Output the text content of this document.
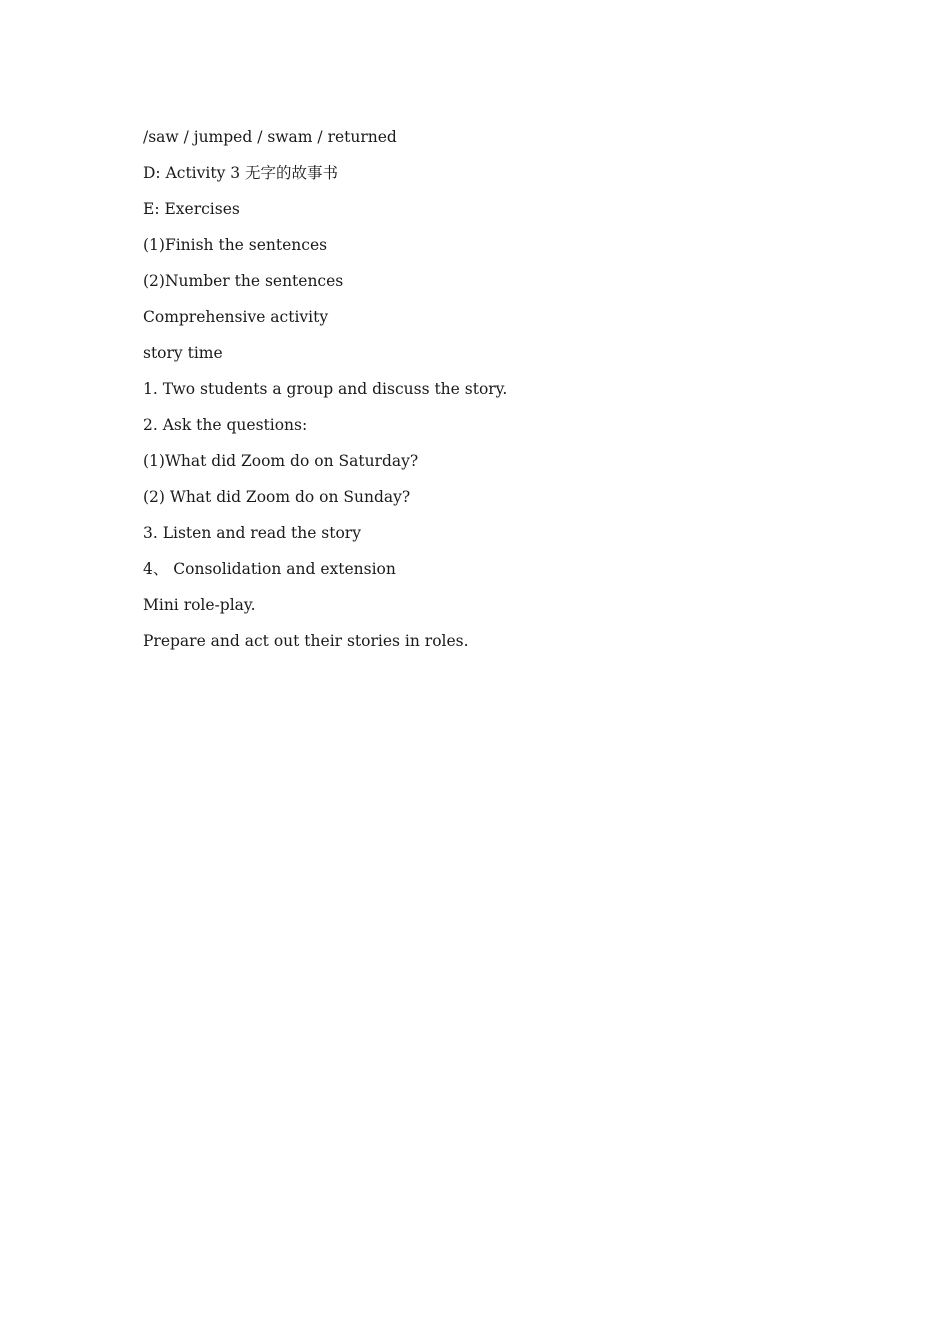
/saw / jumped / swam / returned
D: Activity 3 无字的故事书
E: Exercises
(1)Finish the sentences
(2)Number the sentences
Comprehensive activity
story time
1. Two students a group and discuss the story.
2. Ask the questions:
(1)What did Zoom do on Saturday?
(2) What did Zoom do on Sunday?
3. Listen and read the story
4、 Consolidation and extension
Mini role-play.
Prepare and act out their stories in roles.
